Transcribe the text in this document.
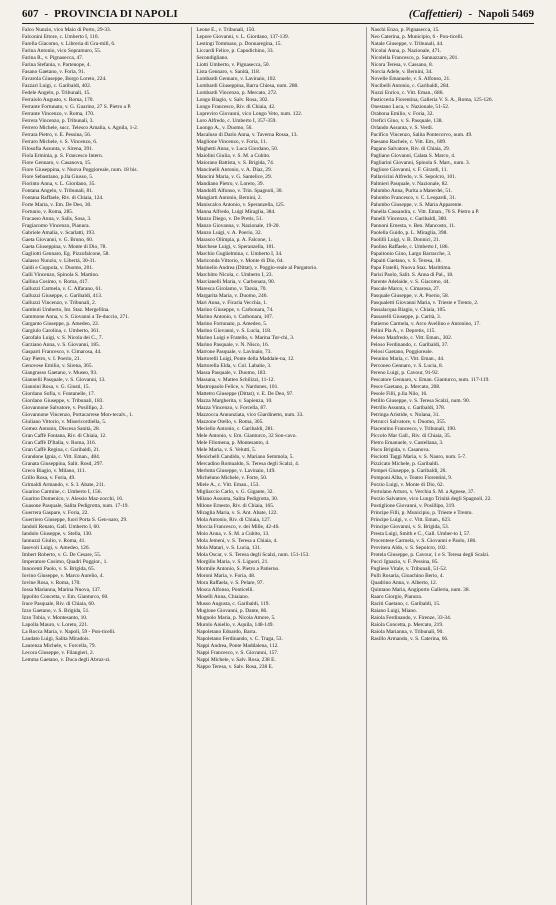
607 - PROVINCIA DI NAPOLI	(Caffettieri) - Napoli 5469

Falco Nunzio, vico Maio di Porto, 29-33.

Falconini Ettore, c. Umberto I, 110.

Farella Giacomo, v. Libreria di Gra-mill, 6.

Farina Antonio, vico Sopramuro, 55.

Farina R., v. Pignasecca, 47.

Farina Stefania, v. Partenope, 4.

Fasano Gaetano, v. Foria, 91.

Favarola Giuseppe, Borgo Loreto, 224.

Fazzari Luigi, c. Garibaldi, 402.

Fedele Angelo, p. Tribunali, 15.

Ferraiolo Augusto, v. Roma, 170.

Ferrante Fortunato, v. G. Guarino, 27 S. Pietro a P.

Ferrante Vincenzo, v. Roma, 170.

Ferrera Vincenzo, p. Tribunali, 3.

Ferrero Michele, succ. Telesco Amalia, s. Agnila, 1-2.

Ferrara Pietro, v. E. Pessina, 56.

Ferraro Michele, v. S. Vincenzo, 6.

Filosofia Assunta, v. Sirena, 391.

Fiola Erminia, p. S. Francesco Intern.

Fiore Gennaro, v. Casanova, 15.

Fiore Giuseppina, v. Nuova Poggioreale, num. 18 bis.

Fiore Sebastiano, p.lla Giusso, 5.

Fiorinto Anna, v. L. Giordano, 35.

Fontana Angelo, v. Tribunali, 81.

Fontana Raffaele, Riv. di Chiaia, 124.

Forte Maria, v. Em. De Deo, 30.

Fortunio, v. Roma, 285.

Fracasso Anna, v. Salis, Sosa, 3.

Fragiacomo Vincenzo, Pianura.

Gabriele Amalia, v. Scarlatti, 193.

Gaeta Giovanni, v. G. Bruno, 60.

Gaeta Giuseppina, v. Monte di Dio, 78.

Gagliotti Gennaro, Eg. Pizzofalcone, 58.

Galasso Nunzio, v. Libertà, 30-31.

Galdi e Coppola, v. Duomo, 201.

Galli Vincenzo, Spinola S. Martino.

Gallina Cosimo, v. Roma, 417.

Galluzzi Carmela, v. C. Alfarano, 61.

Galluzzi Giuseppe, c. Garibaldi, 413.

Galluzzi Vincenzo, v. Tribunali, 2.

Gambuti Umberto, Int. Staz. Mergellina.

Gammone Anna, v. S. Giovanni a Te-duccio, 271.

Garganto Giuseppe, p. Amedeo, 22.

Gargiulo Carolina, c. Umberto, 361.

Garofalo Luigi, v. S. Nicola dei C., 7.

Garziano Anna, v. S. Giovanni, 185.

Gasparri Francesco, v. Cimarosa, 44.

Gay Pietro, v. I. Poerio, 21.

Genovese Emilio, v. Sirena, 365.

Giangrasso Gaetano, v. Museo, 93.

Giannelli Pasquale, v. S. Giovanni, 13.

Giannini Rosa, v. G. Giusti, 15.

Giordano Sofia, v. Fontanelle, 17.

Giordano Giuseppe, v. Tribunali, 183.

Giovannone Salvatore, v. Posillipo, 2.

Giovannone Vincenzo, Portacarrese Mon-tecalv., 1.

Giuliano Vittorio, v. Misericordiella, 5.

Gomez Antonio, Discesa Sanità, 28.

Gran Caffè Fontana, Riv. di Chiaia, 12.

Gran Caffè D'Italia, v. Roma, 316.

Gran Caffè Regina, c. Garibaldi, 21.

Grandone Ignia, c. Vitt. Eman., 484.

Granata Giuseppina, Salit. Rosd, 297.

Greco Biagio, v. Milano, 111.

Grillo Rosa, v. Foria, 49.

Grimaldi Armando, v. S. I. Abate, 211.

Guarino Carmine, c. Umberto I, 156.

Guarino Domenico, v. Alessio Maz-zocchi, 16.

Guasone Pasquale, Salita Pedigrotta, num. 17-19.

Guerrera Gaspare, v. Foria, 22.

Guerriero Giuseppe, fuori Porta S. Gen-naro, 29.

Iandoli Renato, Gall. Umberto I, 60.

Iandolo Giuseppe, v. Stella, 130.

Iannuzzi Giulio, v. Roma, 41.

Iasevoli Luigi, v. Amedeo, 126.

Imbert Roberto, v. G. De Cesare, 55.

Imperatore Cosimo, Quadri Poggior., 1.

Innocenti Paolo, v. S. Brigida, 65.

Iovino Giuseppe, v. Marco Aurelio, 4.

Iovine Rosa, v. Roma, 170.

Iossa Marianna, Marina Nuova, 137.

Ippolito Concetta, v. Em. Gianturco, 60.

Irace Pasquale, Riv. di Chiaia, 60.

Izzo Gaetano, v. S. Brigida, 51.

Izzo Tobia, v. Montesanto, 10.

Lapolla Mauro, v. Loreto, 221.

La Rocca Maria, v. Napoli, 59 - Pon-ticelli.

Laudato Luigi, Salita Miradois.

Laurenza Michele, v. Forcella, 79.

Lecora Giuseppe, v. Filangieri, 2.

Lemma Gaetano, v. Duca degli Abruz-zi.

Leone E., v. Tribunali, 150.

Lepore Giovanni, v. L. Giordano, 137-139.

Lestingi Tommaso, p. Donnaregina, 15.

Liccardi Felice, p. Capodichino, 33.

Secondigliano.

Liotti Umberto, v. Pignasecca, 50.

Lista Gennaro, v. Sanità, 118.

Lombardi Gennaro, v. Lavinaio, 102.

Lombardi Giuseppina, Barra Chiesa, num. 288.

Lombardi Vincenzo, p. Mercato, 272.

Longo Biagio, v. Salv. Rosa, 302.

Longo Francesco, Riv. di Chiaia, 42.

Lopreviro Giovanni, vico Longo Veto, num. 122.

Loro Alfredo, c. Umberto I, 357-359.

Luongo A., v. Duomo, 56.

Macaluso di Dario Anna, v. Taverna Rossa, 13.

Maglione Vincenzo, v. Foria, 11.

Maghetti Anna, v. Luca Giordano, 50.

Maiolini Giulia, v. S. M. a Cubito.

Maiorano Battista, v. S. Brigida, 74.

Mancinelli Antonio, v. A. Diaz, 29.

Mancini Maria, v. G. Santelice, 29.

Mandiano Pietro, v. Loreto, 39.

Mandolfi Alfonso, v. Trin. Spagnoli, 30.

Mangiarti Antonio, Bernini, 2.

Maniscalco Antonio, v. Speranzella, 125.

Manna Alfredo, Luigi Miraglia, 384.

Manzo Diego, v. De Pretis, 51.

Manzo Giovanna, v. Nazionale, 19-20.

Manzo Luigi, v. A. Poerio, 32.

Marasco Olimpia, p. A. Falcone, 1.

Marchese Luigi, v. Speranzella, 101.

Marchio Guglielmina, c. Umberto I, 34.

Mariconda Vittorio, v. Monte di Dio, 64.

Marinello Andrea (Dittat), v. Poggio-reale al Purgatorio.

Marchitto Nicola, c. Umberto I, 23.

Marcianelli Maria, v. Carbonara, 90.

Maresca Girolamo, v. Tarsia, 70.

Margarita Maria, v. Duomo, 246.

Mari Anna, v. Ficaria Vecchia, 1.

Marino Giuseppe, v. Carbonara, 74.

Marino Antonio, v. Carbonara, 107.

Marino Fortunato, p. Amedeo, 5.

Marino Giovanni, v. S. Lucia, 118.

Marino Luigi e Fratello, v. Marina Tur-chi, 3.

Marino Pasquale, v. N. Nisco, 16.

Marrone Pasquale, v. Lavinaio, 73.

Martorelli Luigi, Ponte della Maddale-na, 12.

Martorella Elda, v. Col. Labalie, 3.

Massa Pasquale, v. Duomo, 183.

Massana, v. Matteo Schilizzi, 11-12.

Mastropaolo Felice, v. Nardones, 101.

Mattetro Giuseppe (Dittat), v. E. De Deo, 97.

Mazza Margherita, v. Sapienza, 10.

Mazza Vincenzo, v. Forcella, 87.

Mazzocca Annunziata, vico Giardinetto, num. 33.

Mazzone Otello, v. Roma, 305.

Meciello Antonio, c. Garibaldi, 281.

Mele Antonio, v. Em. Gianturco, 32 Son-cavo.

Mele Filomena, p. Montesanto, 4.

Mele Maria, v. S. Velutti, 5.

Menichelli Candido, v. Mariano Semmola, 5.

Mercadino Romualdo, S. Teresa degli Scalzi, 4.

Merlotta Giuseppe, v. Lavinaio, 149.

Micheluno Michele, v. Forte, 50.

Miele A., c. Vitt. Eman., 153.

Migliaccio Carlo, v. G. Gigante, 32.

Milano Assunta, Salita Pedigrotta, 30.

Milone Ernesto, Riv. di Chiaia, 165.

Miraglia Maria, v. S. Ant. Abate, 122.

Mola Antonio, Riv. di Chiaia, 127.

Moccia Francesco, v. dei Mille, 42-46.

Moio Anna, v. S. M. a Cubito, 13.

Mola Jemeni, v. S. Teresa a Chiaia, 4.

Mola Matari, v. S. Lucia, 131.

Mola Oscar, v. S. Teresa degli Scalzi, num. 151-153.

Morgillo Maria, v. S. Liguori, 21.

Mormile Antonio, S. Pietro a Patierno.

Moroni Maria, v. Foria, 48.

Mora Raffaela, v. S. Pelare, 97.

Mosca Alfonso, Ponticelli.

Moselli Anna, Chiaiano.

Musso Augusta, c. Garibaldi, 119.

Mugione Giovanni, p. Dante, 86.

Mugnolo Maria, p. Nicola Amore, 5.

Murolo Aniello, v. Aquila, 148-149.

Napoletano Edoardo, Barra.

Napoletano Ferdinando, v. C. Traga, 53.

Nappi Andrea, Ponte Maddalena, 112.

Nappi Francesco, v. S. Giovanni, 157.

Nappi Michele, v. Salv. Rosa, 238 E.

Nappo Teresa, v. Salv. Rosa, 238 E.

Naschi Enzo, p. Pignasecca, 15.

Neo Caterina, p. Municipio, 6 - Pon-ticelli.

Natale Giuseppe, v. Tribunali, 44.

Nicolai Anna, p. Nazionale, 471.

Nicolella Francesco, p. Sannazzaro, 201.

Nicora Teresa, v. Cassano, 8.

Norcia Adele, v. Bernini, 34.

Novelle Emanuele, v. S. Alfonso, 21.

Nucibelli Antonio, c. Garibaldi, 284.

Nuzzi Enrico, c. Vitt. Eman., 686.

Pasticceria Fiorentina, Galleria V. S. A., Roma, 125-126.

Onestano Luca, v. Nazionale, 51-52.

Orabona Emilio, v. Foria, 32.

Orefici Gino, v. S. Pasquale, 138.

Orlando Assunta, v. S. Verdi.

Pacifico Vincenzo, Salita Pontecorvo, num. 49.

Paesano Rachele, c. Vitt. Em., 609.

Pagano Salvatore, Riv. di Chiaia, 29.

Pagliano Giovanni, Calata S. Marco, 4.

Pagliarini Giovanni, Spinola S. Mart., num. 3.

Pagliore Giovanni, v. F. Girardi, 11.

Pallavicini Alfredo, v. S. Sepolcro, 101.

Palmieri Pasquale, v. Nazionale, 82.

Palumbo Anna, Purita a Materdei, 51.

Palumbo Francesco, v. C. Leopardi, 31.

Palumbo Giuseppe, v. S. Maria Apparente.

Panella Cassandra, c. Vitt. Eman., 76 S. Pietro a P.

Panelli Vincenzo, c. Garibaldi, 380.

Pannoni Ernesta, v. Ben. Mancosto, 11.

Paolella Guido, p. L. Miraglia, 398.

Paolilli Luigi, v. B. Donnici, 21.

Paolino Raffaele, c. Umberto I, 186.

Papaitonio Gino, Largo Barracche, 3.

Papaiti Gaetano, v. S. Teresa, 18.

Papa Fratelli, Nuova Staz. Marittima.

Parisi Paolo, Salit. S. Anna di Pal., 18.

Parente Adelaide, v. S. Giacomo, 44.

Pascale Marco, v. Cimarosa, 27.

Pasquale Giuseppe, v. A. Poerio, 58.

Pasqualetti Giovanni Maria, v. Trieste e Trento, 2.

Passalacqua Biagio, v. Chiaia, 105.

Passarelli Giuseppe, p. Carità, 3.

Patierno Carmela, v. Arco Avellino e Antonino, 17.

Pelini Pia A., v. Depretis, 115.

Peloso Manfredo, c. Vitt. Eman., 302.

Peloso Ferdinando, c. Garibaldi, 37.

Pelosi Gaetano, Poggioreale.

Pennino Maria, c. Vitt. Eman., 44.

Perconeo Gennaro, v. S. Lucia, 8.

Pereno Luigi, p. Cavour, 91-92.

Pescatore Gennaro, v. Eman. Gianturco, num. 117-119.

Pesce Gaetano, p. Mercato, 208.

Pesole Filli, p.lla Nilo, 16.

Petillo Giuseppe, v. S. Teresa Scalzi, num. 90.

Petrillo Assunta, c. Garibaldi, 378.

Petringa Aristide, v. Nolana, 31.

Petrucci Salvatore, v. Duomo, 355.

Piacentino Francesco, v. Tribunali, 190.

Piccolo Mar Gall., Riv. di Chiaia, 35.

Pietro Emanuele, v. Castellana, 3.

Pisco Brigida, v. Casanova.

Pisciotti Taggi Maria, v. S. Nauro, num. 5-7.

Pizzicato Michele, p. Garibaldi.

Pompei Giuseppe, p. Garibaldi, 26.

Pomponi Alba, v. Teatro Fiorentini, 9.

Porzio Luigi, v. Monte di Dio, 62.

Portolano Arturo, v. Verchia S. M. a Agnese, 37.

Porzio Salvatore, vico Lungo Trinità degli Spagnoli, 22.

Postiglione Giovanni, v. Posillipo, 319.

Principe Filli, p. Municipio, p. Trieste e Trento.

Principe Luigi, v. c. Vitt. Eman., 623.

Principe Giovanni, v. S. Brigida, 53.

Presta Luigi, Smith e C., Gall. Umber-to I, 57.

Procentese Carmela, v. S. Giovanni e Paolo, 186.

Provitera Aldo, v. S. Sepolcro, 102.

Protela Giuseppe, p. Cavour, 1 e S. Teresa degli Scalzi.

Pucci Ignazio, v. F. Pessina, 85.

Pugliese Vitale, v. Tribunali, 51-52.

Pulli Rosaria, Gioachino Berio, 4.

Quadrino Anna, v. Alberto, 12.

Quintano Maria, Angiporto Galleria, num. 38.

Raaro Giorgio, Pianura.

Raciti Gaetano, c. Garibaldi, 15.

Raiano Luigi, Miano.

Raiola Ferdinando, v. Firenze, 33-34.

Raiola Concetta, p. Mercato, 219.

Raiola Marianna, v. Tribunali, 90.

Rasillo Armando, v. S. Caterina, 66.
